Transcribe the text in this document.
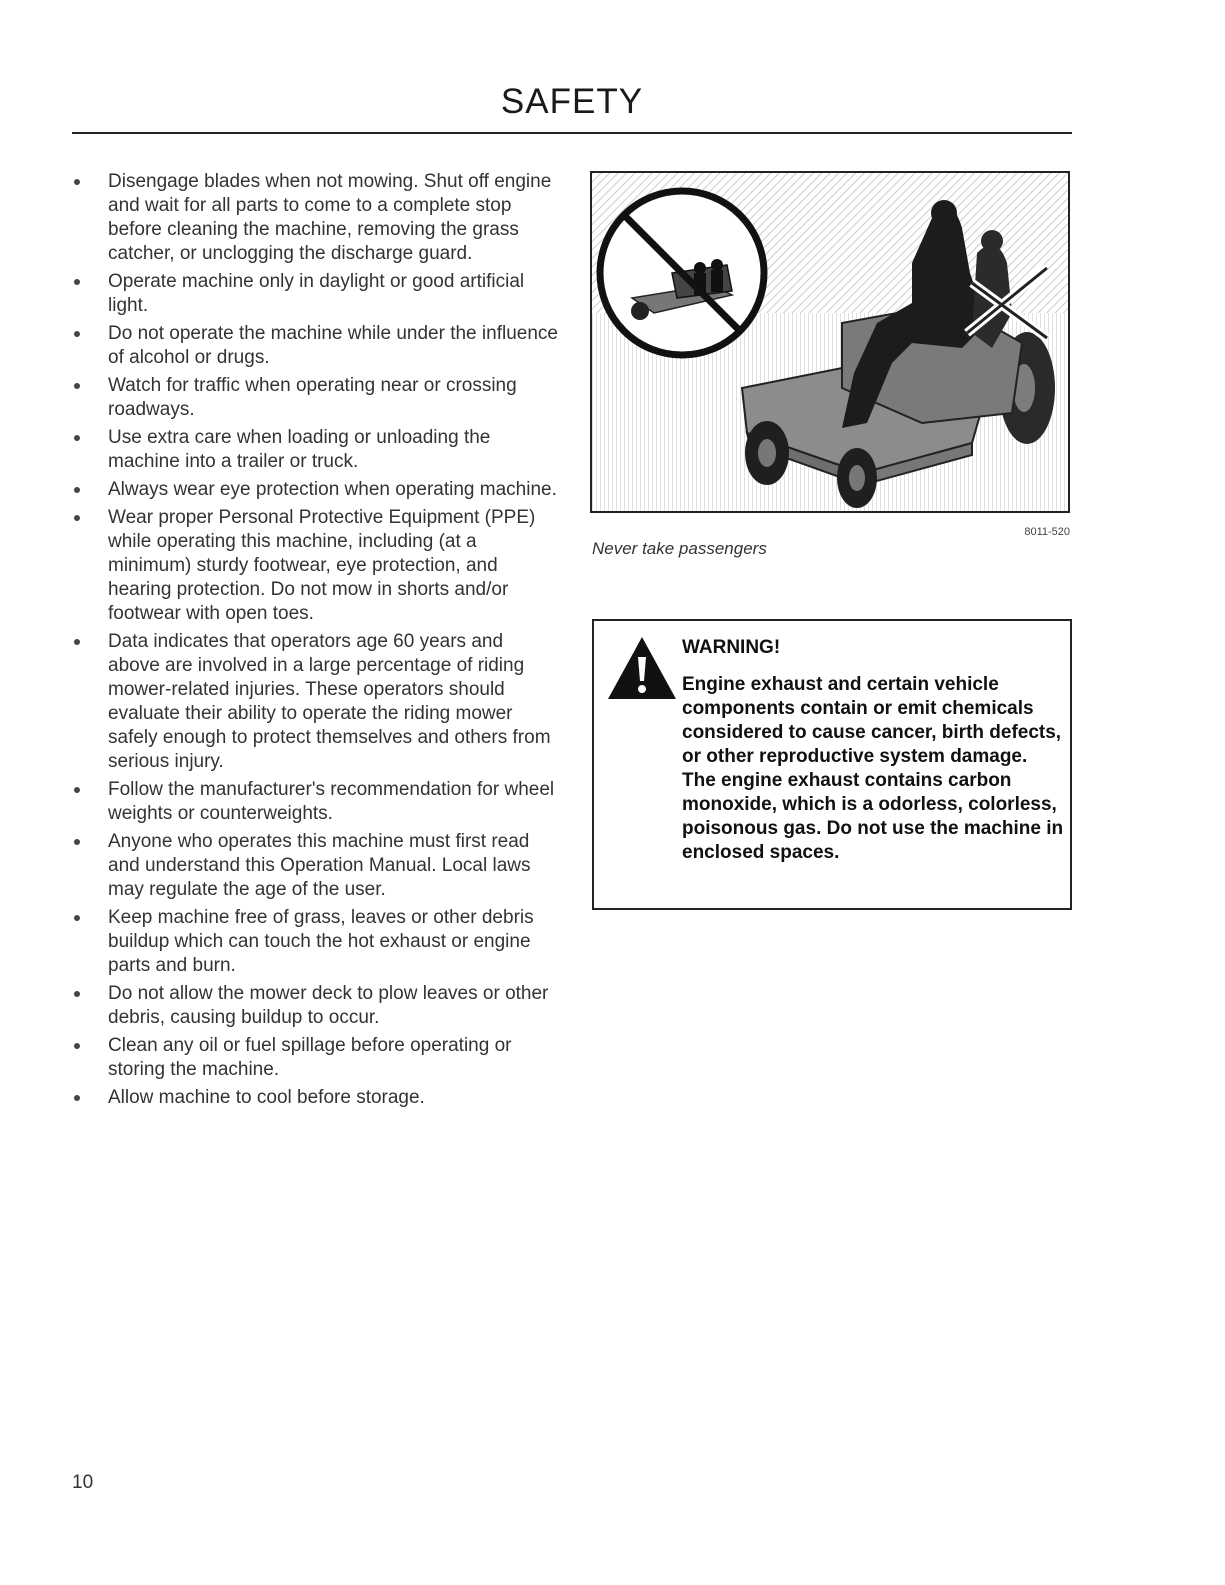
SAFETY
Disengage blades when not mowing. Shut off engine and wait for all parts to come to a complete stop before cleaning the machine, removing the grass catcher, or unclogging the discharge guard.
Operate machine only in daylight or good artificial light.
Do not operate the machine while under the influence of alcohol or drugs.
Watch for traffic when operating near or crossing roadways.
Use extra care when loading or unloading the machine into a trailer or truck.
Always wear eye protection when operating machine.
Wear proper Personal Protective Equipment (PPE) while operating this machine, including (at a minimum) sturdy footwear, eye protection, and hearing protection. Do not mow in shorts and/or footwear with open toes.
Data indicates that operators age 60 years and above are involved in a large percentage of riding mower-related injuries. These operators should evaluate their ability to operate the riding mower safely enough to protect themselves and others from serious injury.
Follow the manufacturer's recommendation for wheel weights or counterweights.
Anyone who operates this machine must first read and understand this Operation Manual. Local laws may regulate the age of the user.
Keep machine free of grass, leaves or other debris buildup which can touch the hot exhaust or engine parts and burn.
Do not allow the mower deck to plow leaves or other debris, causing buildup to occur.
Clean any oil or fuel spillage before operating or storing the machine.
Allow machine to cool before storage.
Never take passengers
8011-520
WARNING!
Engine exhaust and certain vehicle components contain or emit chemicals considered to cause cancer, birth defects, or other reproductive system damage. The engine exhaust contains carbon monoxide, which is a odorless, colorless, poisonous gas. Do not use the machine in enclosed spaces.
10
